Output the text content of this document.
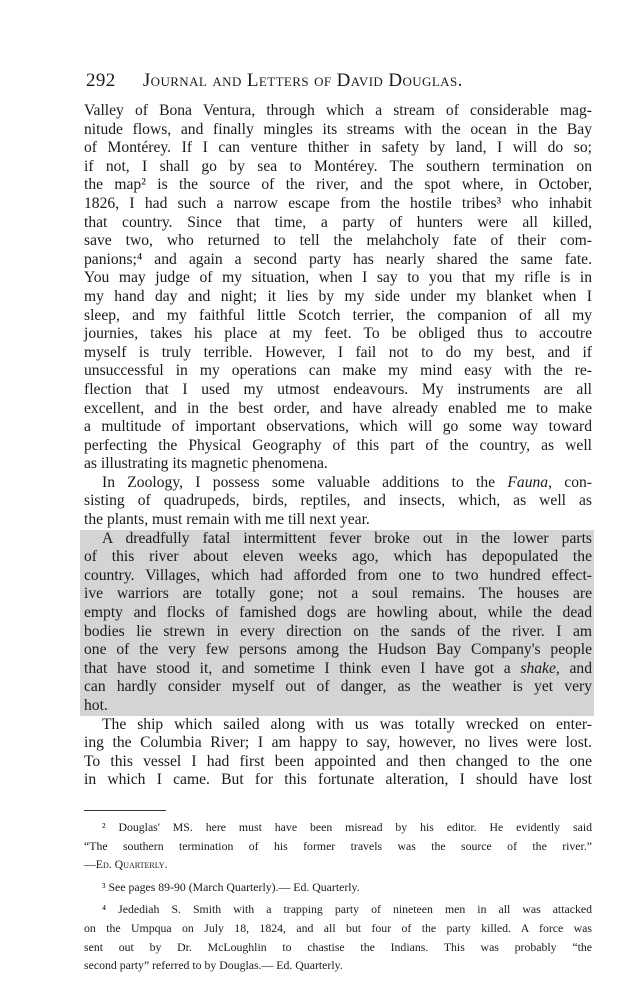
292 Journal and Letters of David Douglas.
Valley of Bona Ventura, through which a stream of considerable mag-
nitude flows, and finally mingles its streams with the ocean in the Bay
of Montérey. If I can venture thither in safety by land, I will do so;
if not, I shall go by sea to Montérey. The southern termination on
the map² is the source of the river, and the spot where, in October,
1826, I had such a narrow escape from the hostile tribes³ who inhabit
that country. Since that time, a party of hunters were all killed,
save two, who returned to tell the melahcholy fate of their com-
panions;⁴ and again a second party has nearly shared the same fate.
You may judge of my situation, when I say to you that my rifle is in
my hand day and night; it lies by my side under my blanket when I
sleep, and my faithful little Scotch terrier, the companion of all my
journies, takes his place at my feet. To be obliged thus to accoutre
myself is truly terrible. However, I fail not to do my best, and if
unsuccessful in my operations can make my mind easy with the re-
flection that I used my utmost endeavours. My instruments are all
excellent, and in the best order, and have already enabled me to make
a multitude of important observations, which will go some way toward
perfecting the Physical Geography of this part of the country, as well
as illustrating its magnetic phenomena.
In Zoology, I possess some valuable additions to the Fauna, con-
sisting of quadrupeds, birds, reptiles, and insects, which, as well as
the plants, must remain with me till next year.
A dreadfully fatal intermittent fever broke out in the lower parts
of this river about eleven weeks ago, which has depopulated the
country. Villages, which had afforded from one to two hundred effect-
ive warriors are totally gone; not a soul remains. The houses are
empty and flocks of famished dogs are howling about, while the dead
bodies lie strewn in every direction on the sands of the river. I am
one of the very few persons among the Hudson Bay Company's people
that have stood it, and sometime I think even I have got a shake, and
can hardly consider myself out of danger, as the weather is yet very
hot.
The ship which sailed along with us was totally wrecked on enter-
ing the Columbia River; I am happy to say, however, no lives were lost.
To this vessel I had first been appointed and then changed to the one
in which I came. But for this fortunate alteration, I should have lost
² Douglas' MS. here must have been misread by his editor. He evidently said
“The southern termination of his former travels was the source of the river.”
—Ed. Quarterly.
³ See pages 89-90 (March Quarterly).— Ed. Quarterly.
⁴ Jedediah S. Smith with a trapping party of nineteen men in all was attacked
on the Umpqua on July 18, 1824, and all but four of the party killed. A force was
sent out by Dr. McLoughlin to chastise the Indians. This was probably “the
second party” referred to by Douglas.— Ed. Quarterly.
